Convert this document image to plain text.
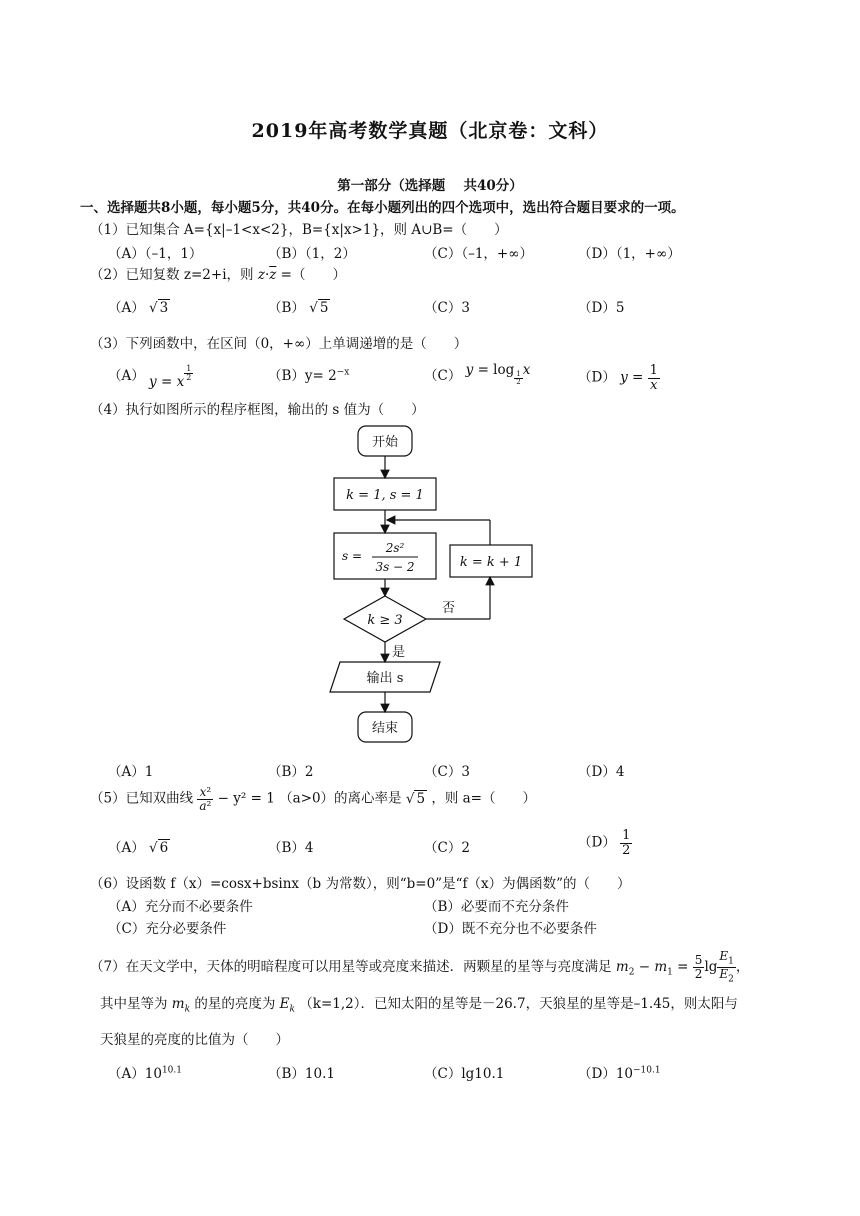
2019年高考数学真题（北京卷：文科）
第一部分（选择题　 共40分）
一、选择题共8小题，每小题5分，共40分。在每小题列出的四个选项中，选出符合题目要求的一项。
（1）已知集合 A={x|–1<x<2}，B={x|x>1}，则 A∪B=（　　）
（A）（–1，1）	（B）（1，2）	（C）（–1，+∞）	（D）（1，+∞）
（2）已知复数 z=2+i，则 $z\cdot\overline{z}$ =（　　）
（A） √ 3	（B） √ 5	（C）3	（D）5
（3）下列函数中，在区间（0，+∞）上单调递增的是（　　）
（A） y = x $\frac{1}{2}$	$(B)y= 2^{-x}$	（C） y = log
$_{\frac{1}{2}}$
x	（D） $y = \frac{1}{x}$
（4）执行如图所示的程序框图，输出的 s 值为（　　）
开始
k = 1, s = 1
s =
2s²
3s − 2	k = k + 1
k ≥ 3
否
是
输出 s
结束
（A）1	（B）2	（C）3	（D）4
（5）已知双曲线 $\frac{\text{x²}}{\text{a²}} - y^2 = 1$ （a>0）的离心率是 √ 5 ，则 a=（　　）
（A） √ 6	（B）4	（C）2	$(D) \frac{1}{2}$
（6）设函数 f（x）=cosx+bsinx（b 为常数），则“b=0”是“f（x）为偶函数”的（　　）
（A）充分而不必要条件	（B）必要而不充分条件
（C）充分必要条件	（D）既不充分也不必要条件
（7）在天文学中，天体的明暗程度可以用星等或亮度来描述．两颗星的星等与亮度满足 $m_2 - m_1 = \frac{5}{2}$ $\lg \frac{E_1}{E_2}$ ，
其中星等为 $m_k$ 的星的亮度为 $E_k$ （k=1,2）．已知太阳的星等是－26.7，天狼星的星等是–1.45，则太阳与
天狼星的亮度的比值为（　　）
$(A)10^{10.1}$	（B）10.1	（C）lg10.1	$(D)10^{-10.1}$
